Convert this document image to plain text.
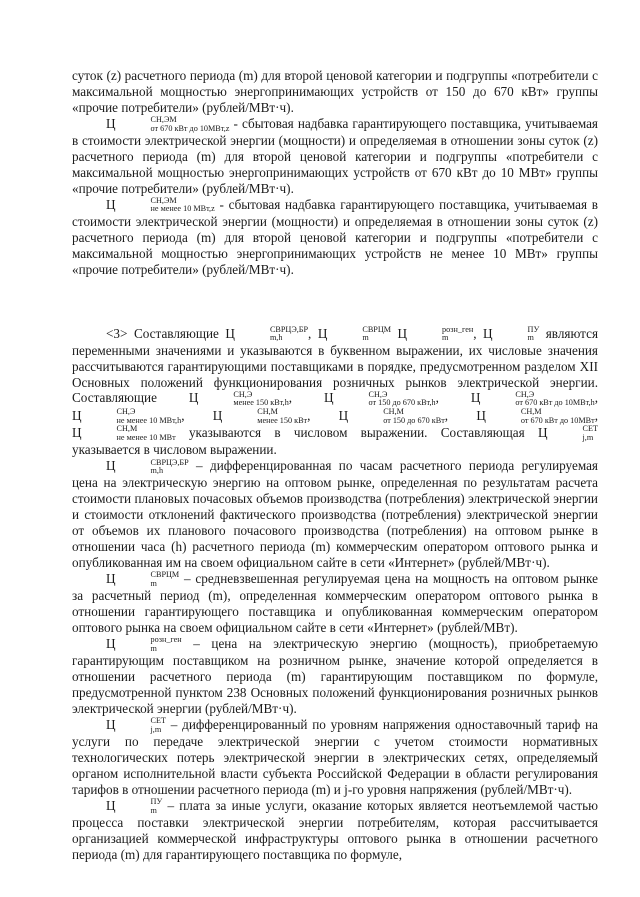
суток (z) расчетного периода (m) для второй ценовой категории и подгруппы «потребители с максимальной мощностью энергопринимающих устройств от 150 до 670 кВт» группы «прочие потребители» (рублей/МВт·ч).

Ц	СН,ЭМ
от 670 кВт до 10МВт,z - сбытовая надбавка гарантирующего поставщика, учитываемая в стоимости электрической энергии (мощности) и определяемая в отношении зоны суток (z) расчетного периода (m) для второй ценовой категории и подгруппы «потребители с максимальной мощностью энергопринимающих устройств от 670 кВт до 10 МВт» группы «прочие потребители» (рублей/МВт·ч).

Ц	СН,ЭМ
не менее 10 МВт,z - сбытовая надбавка гарантирующего поставщика, учитываемая в стоимости электрической энергии (мощности) и определяемая в отношении зоны суток (z) расчетного периода (m) для второй ценовой категории и подгруппы «потребители с максимальной мощностью энергопринимающих устройств не менее 10 МВт» группы «прочие потребители» (рублей/МВт·ч).

<3> Составляющие Ц	СВРЦЭ,БР
m,h	, Ц	СВРЦМ
m	Ц	розн_ген
m	, Ц	ПУ
m являются переменными значениями и указываются в буквенном выражении, их числовые значения рассчитываются гарантирующими поставщиками в порядке, предусмотренном разделом XII Основных положений функционирования розничных рынков электрической энергии. Составляющие Ц	СН,Э
менее 150 кВт,h , Ц	СН,Э
от 150 до 670 кВт,h , Ц	СН,Э
от 670 кВт до 10МВт,h , Ц	СН,Э
не менее 10 МВт,h , Ц	СН,М
менее 150 кВт , Ц	СН,М
от 150 до 670 кВт , Ц	СН,М
от 670 кВт до 10МВт , Ц	СН,М
не менее 10 МВт указываются в числовом выражении. Составляющая Ц	СЕТ
j,m
указывается в числовом выражении.

Ц	СВРЦЭ,БР
m,h	– дифференцированная по часам расчетного периода регулируемая цена на электрическую энергию на оптовом рынке, определенная по результатам расчета стоимости плановых почасовых объемов производства (потребления) электрической энергии и стоимости отклонений фактического производства (потребления) электрической энергии от объемов их планового почасового производства (потребления) на оптовом рынке в отношении часа (h) расчетного периода (m) коммерческим оператором оптового рынка и опубликованная им на своем официальном сайте в сети «Интернет» (рублей/МВт·ч).

Ц	СВРЦМ
m	– средневзвешенная регулируемая цена на мощность на оптовом рынке за расчетный период (m), определенная коммерческим оператором оптового рынка в отношении гарантирующего поставщика и опубликованная коммерческим оператором оптового рынка на своем официальном сайте в сети «Интернет» (рублей/МВт).

Ц	розн_ген
m	– цена на электрическую энергию (мощность), приобретаемую гарантирующим поставщиком на розничном рынке, значение которой определяется в отношении расчетного периода (m) гарантирующим поставщиком по формуле, предусмотренной пунктом 238 Основных положений функционирования розничных рынков электрической энергии (рублей/МВт·ч).

Ц	СЕТ
j,m – дифференцированный по уровням напряжения одноставочный тариф на услуги по передаче электрической энергии с учетом стоимости нормативных технологических потерь электрической энергии в электрических сетях, определяемый органом исполнительной власти субъекта Российской Федерации в области регулирования тарифов в отношении расчетного периода (m) и j-го уровня напряжения (рублей/МВт·ч).

Ц	ПУ
m – плата за иные услуги, оказание которых является неотъемлемой частью процесса поставки электрической энергии потребителям, которая рассчитывается организацией коммерческой инфраструктуры оптового рынка в отношении расчетного периода (m) для гарантирующего поставщика по формуле,
